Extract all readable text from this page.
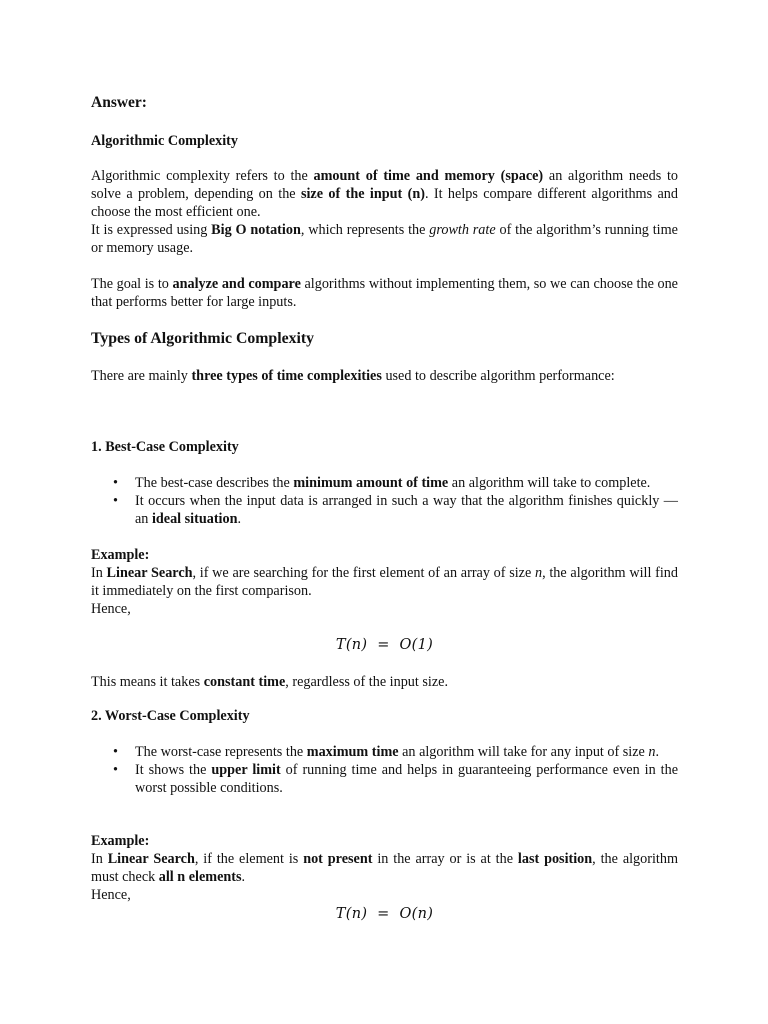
Answer:
Algorithmic Complexity

Algorithmic complexity refers to the amount of time and memory (space) an algorithm needs to solve a problem, depending on the size of the input (n). It helps compare different algorithms and choose the most efficient one.

It is expressed using Big O notation, which represents the growth rate of the algorithm’s running time or memory usage.

The goal is to analyze and compare algorithms without implementing them, so we can choose the one that performs better for large inputs.

Types of Algorithmic Complexity

There are mainly three types of time complexities used to describe algorithm performance:

1. Best-Case Complexity
• The best-case describes the minimum amount of time an algorithm will take to complete.
• It occurs when the input data is arranged in such a way that the algorithm finishes quickly — an ideal situation.
Example:

In Linear Search, if we are searching for the first element of an array of size n, the algorithm will find it immediately on the first comparison.

Hence,
T(n) = O(1)

This means it takes constant time, regardless of the input size.

2. Worst-Case Complexity
• The worst-case represents the maximum time an algorithm will take for any input of size n.
• It shows the upper limit of running time and helps in guaranteeing performance even in the worst possible conditions.
Example:

In Linear Search, if the element is not present in the array or is at the last position, the algorithm must check all n elements.

Hence,
T(n) = O(n)
